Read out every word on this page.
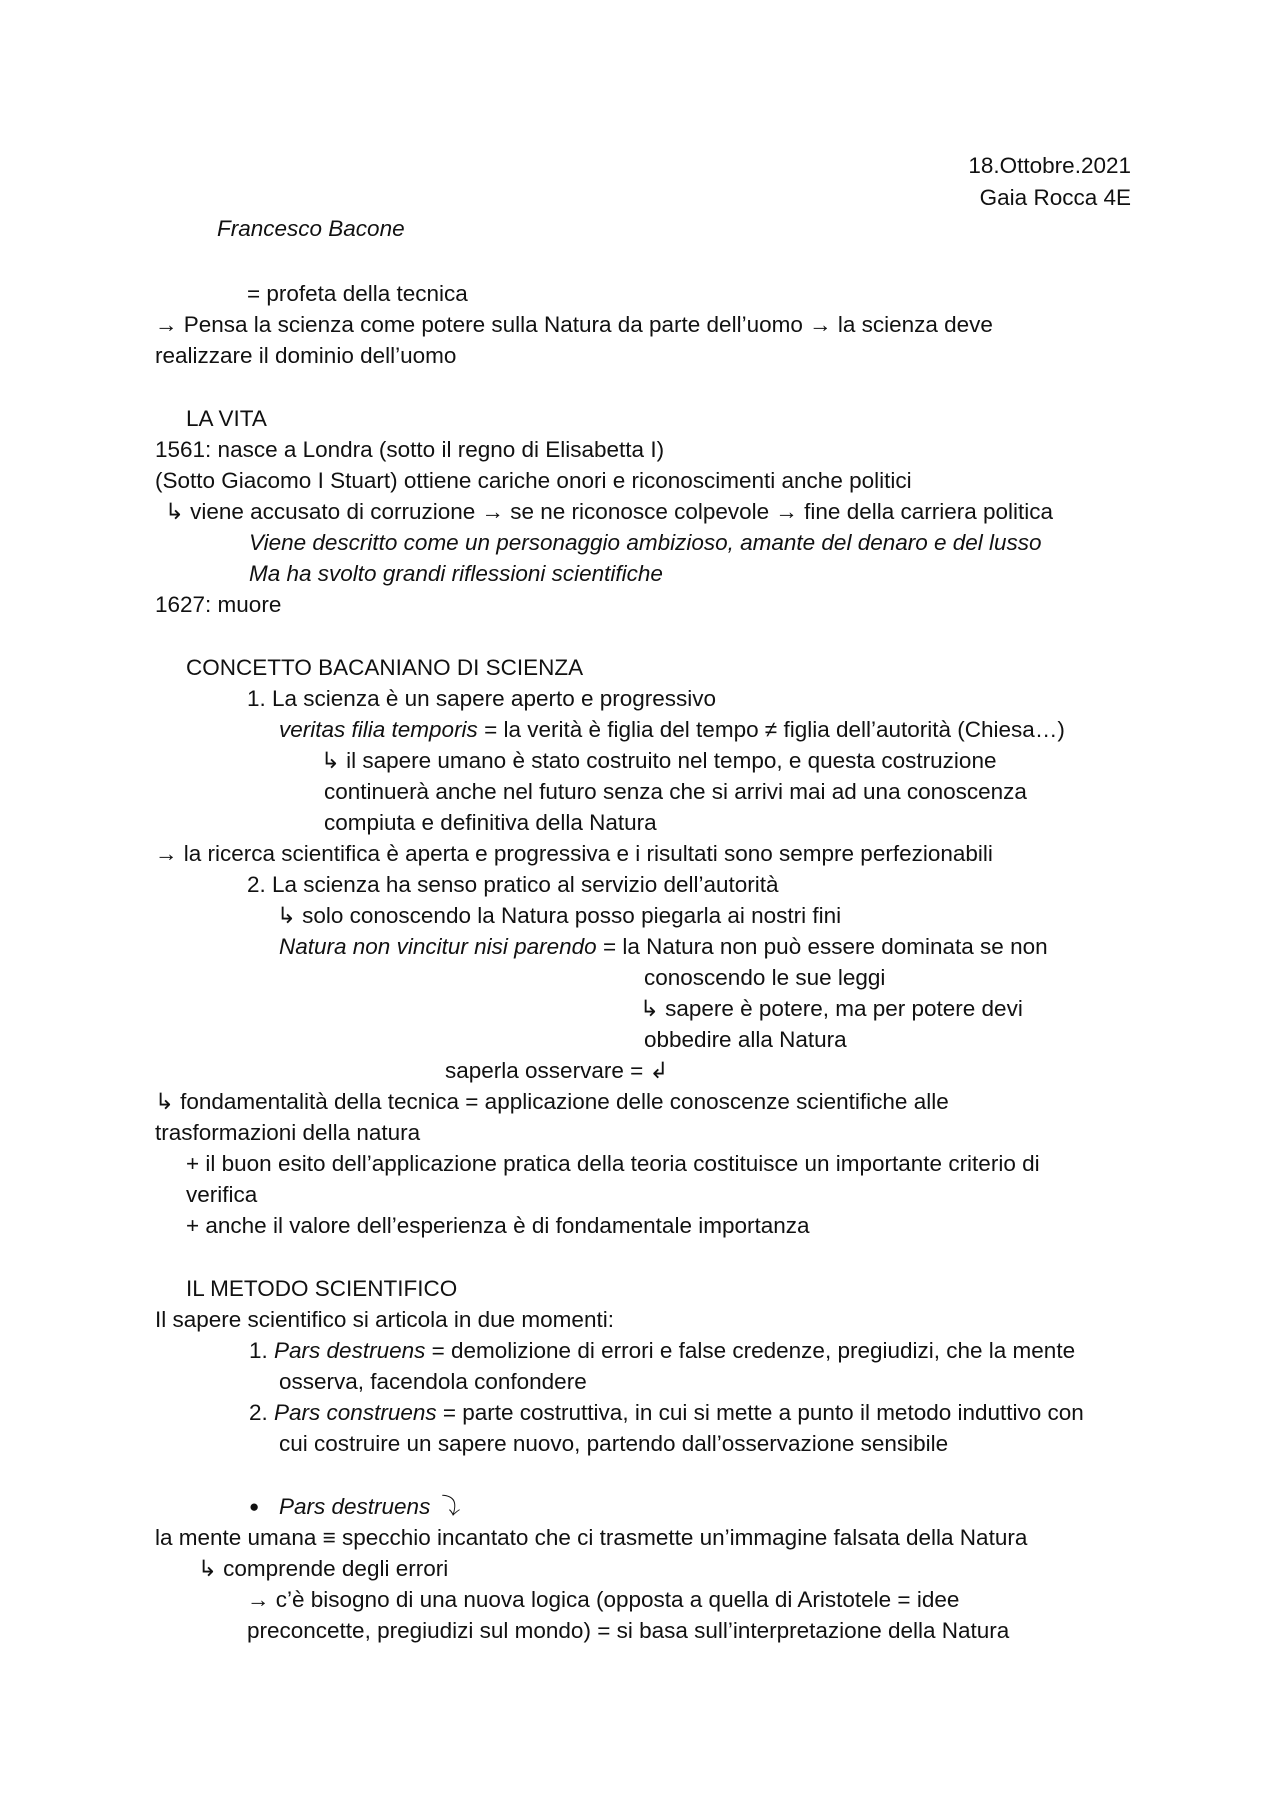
18.Ottobre.2021
Gaia Rocca 4E
Francesco Bacone
= profeta della tecnica
→ Pensa la scienza come potere sulla Natura da parte dell’uomo → la scienza deve
realizzare il dominio dell’uomo
LA VITA
1561: nasce a Londra (sotto il regno di Elisabetta I)
(Sotto Giacomo I Stuart) ottiene cariche onori e riconoscimenti anche politici
↳ viene accusato di corruzione → se ne riconosce colpevole → fine della carriera politica
Viene descritto come un personaggio ambizioso, amante del denaro e del lusso
Ma ha svolto grandi riflessioni scientifiche
1627: muore
CONCETTO BACANIANO DI SCIENZA
1. La scienza è un sapere aperto e progressivo
veritas filia temporis = la verità è figlia del tempo ≠ figlia dell’autorità (Chiesa…)
↳ il sapere umano è stato costruito nel tempo, e questa costruzione
continuerà anche nel futuro senza che si arrivi mai ad una conoscenza
compiuta e definitiva della Natura
→ la ricerca scientifica è aperta e progressiva e i risultati sono sempre perfezionabili
2. La scienza ha senso pratico al servizio dell’autorità
↳ solo conoscendo la Natura posso piegarla ai nostri fini
Natura non vincitur nisi parendo = la Natura non può essere dominata se non
conoscendo le sue leggi
↳ sapere è potere, ma per potere devi
obbedire alla Natura
saperla osservare = ↲
↳ fondamentalità della tecnica = applicazione delle conoscenze scientifiche alle
trasformazioni della natura
+ il buon esito dell’applicazione pratica della teoria costituisce un importante criterio di
verifica
+ anche il valore dell’esperienza è di fondamentale importanza
IL METODO SCIENTIFICO
Il sapere scientifico si articola in due momenti:
1. Pars destruens = demolizione di errori e false credenze, pregiudizi, che la mente
osserva, facendola confondere
2. Pars construens = parte costruttiva, in cui si mette a punto il metodo induttivo con
cui costruire un sapere nuovo, partendo dall’osservazione sensibile
● Pars destruens ⤵
la mente umana ≡ specchio incantato che ci trasmette un’immagine falsata della Natura
↳ comprende degli errori
→ c’è bisogno di una nuova logica (opposta a quella di Aristotele = idee
preconcette, pregiudizi sul mondo) = si basa sull’interpretazione della Natura
